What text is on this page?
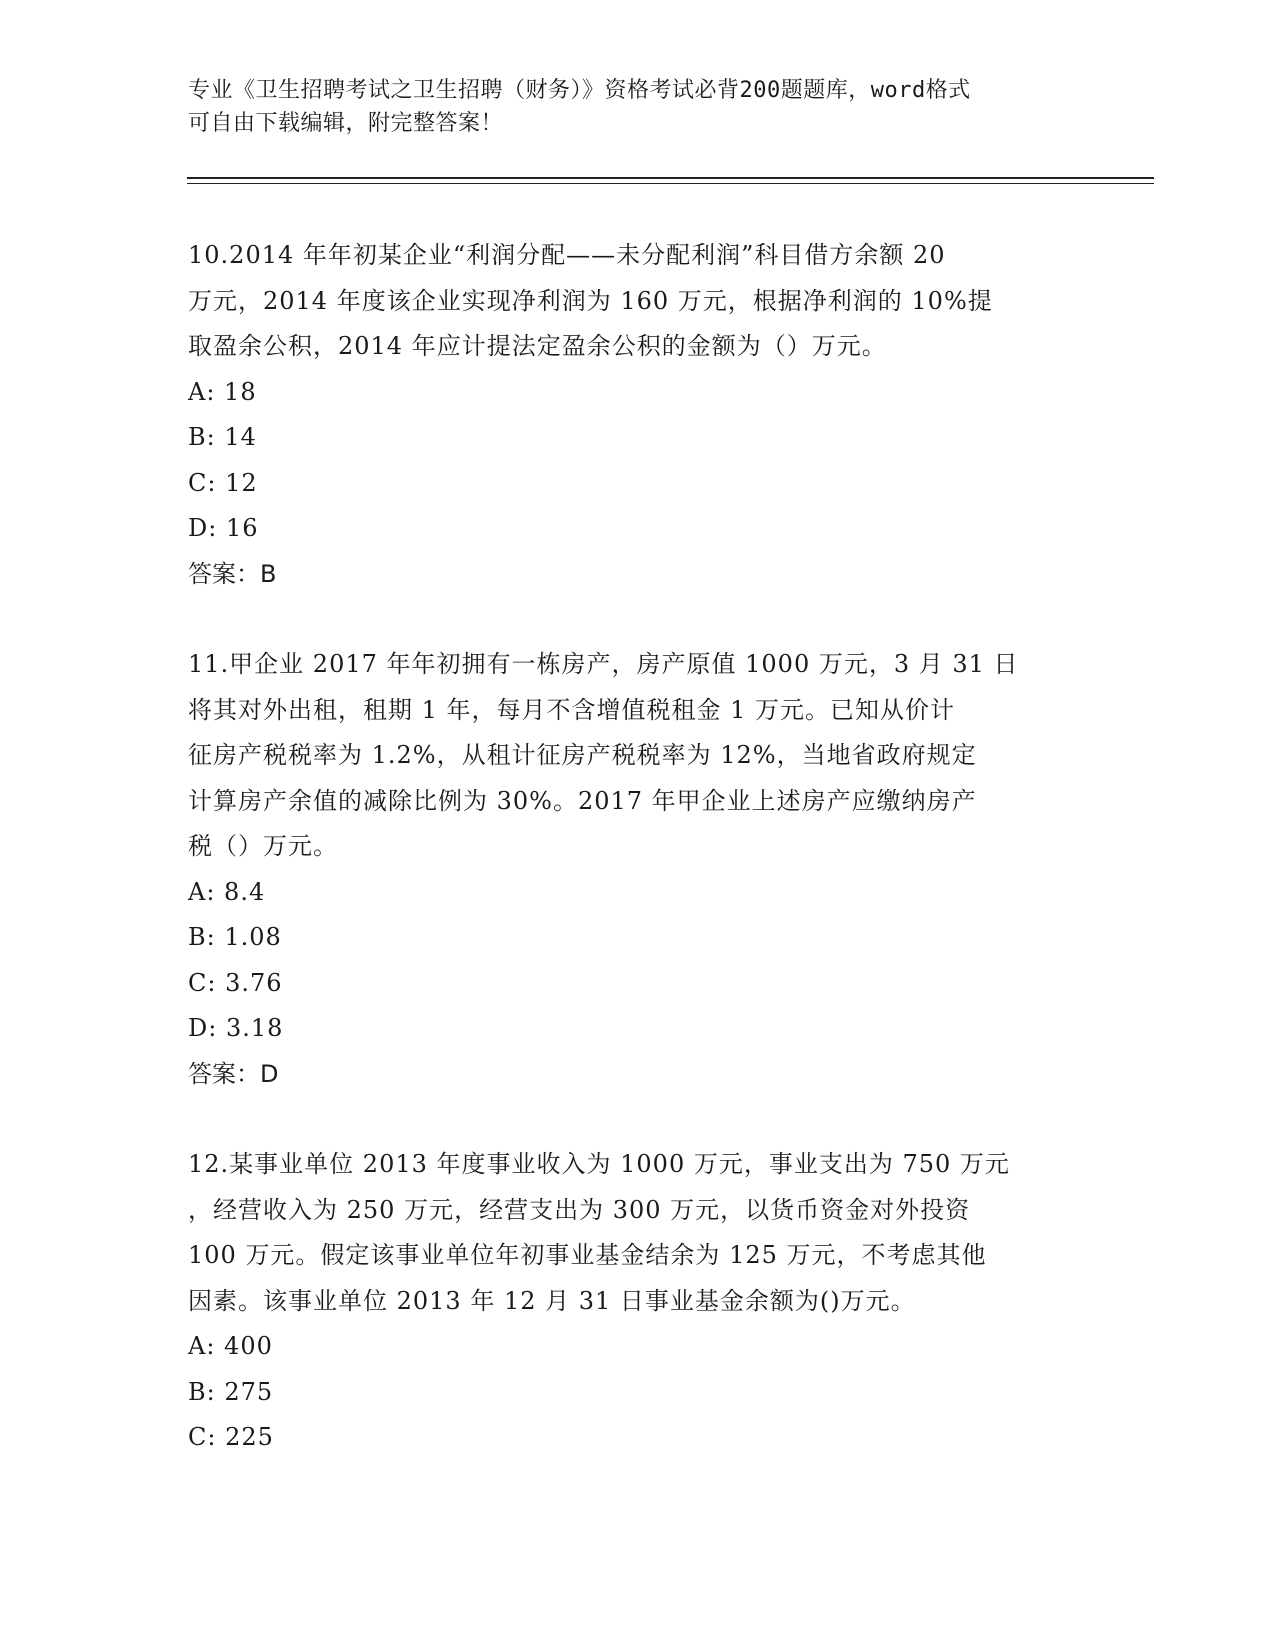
专业《卫生招聘考试之卫生招聘（财务）》资格考试必背200题题库，word格式
可自由下载编辑，附完整答案！
10.2014 年年初某企业“利润分配——未分配利润”科目借方余额 20
万元，2014 年度该企业实现净利润为 160 万元，根据净利润的 10%提
取盈余公积，2014 年应计提法定盈余公积的金额为（）万元。
A: 18
B: 14
C: 12
D: 16
答案：B
11.甲企业 2017 年年初拥有一栋房产，房产原值 1000 万元，3 月 31 日
将其对外出租，租期 1 年，每月不含增值税租金 1 万元。已知从价计
征房产税税率为 1.2%，从租计征房产税税率为 12%，当地省政府规定
计算房产余值的减除比例为 30%。2017 年甲企业上述房产应缴纳房产
税（）万元。
A: 8.4
B: 1.08
C: 3.76
D: 3.18
答案：D
12.某事业单位 2013 年度事业收入为 1000 万元，事业支出为 750 万元
，经营收入为 250 万元，经营支出为 300 万元，以货币资金对外投资
100 万元。假定该事业单位年初事业基金结余为 125 万元，不考虑其他
因素。该事业单位 2013 年 12 月 31 日事业基金余额为()万元。
A: 400
B: 275
C: 225
